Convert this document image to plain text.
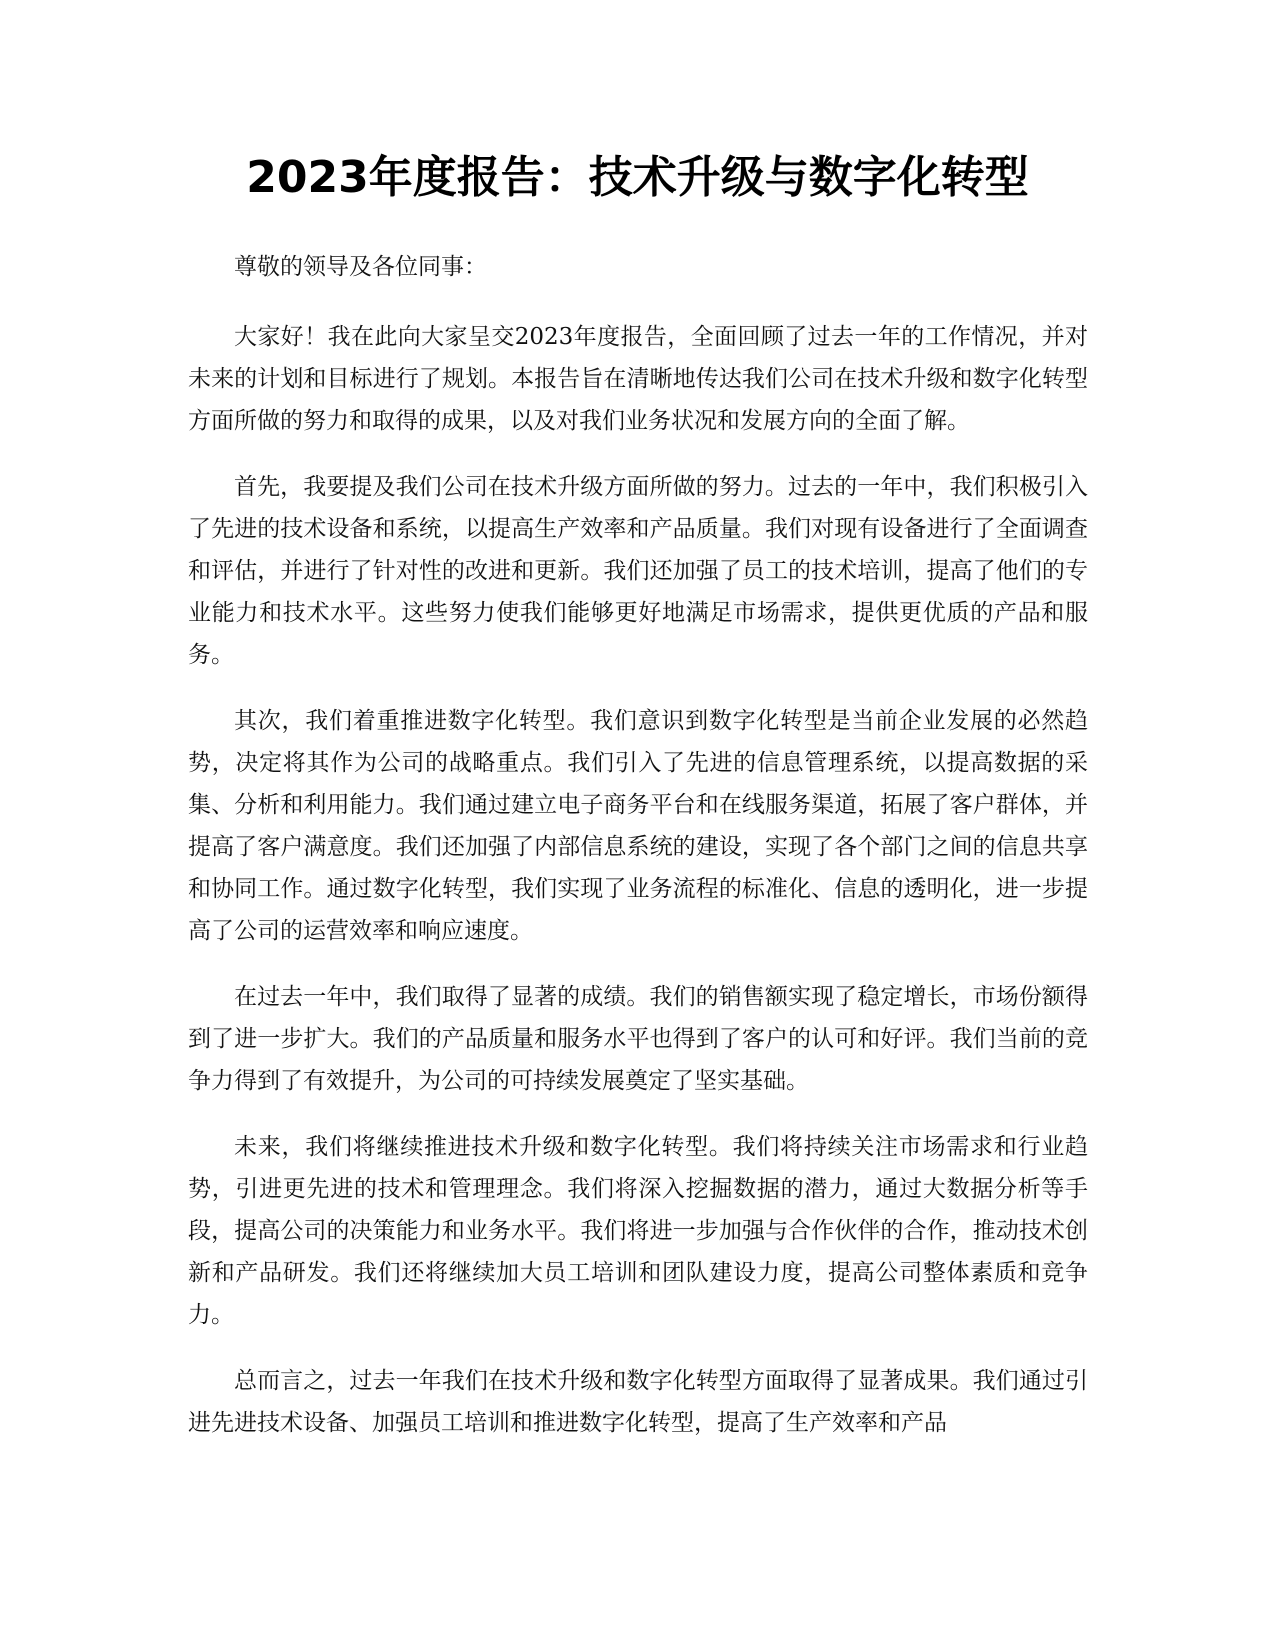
2023年度报告：技术升级与数字化转型

尊敬的领导及各位同事：

大家好！我在此向大家呈交2023年度报告，全面回顾了过去一年的工作情况，并对未来的计划和目标进行了规划。本报告旨在清晰地传达我们公司在技术升级和数字化转型方面所做的努力和取得的成果，以及对我们业务状况和发展方向的全面了解。

首先，我要提及我们公司在技术升级方面所做的努力。过去的一年中，我们积极引入了先进的技术设备和系统，以提高生产效率和产品质量。我们对现有设备进行了全面调查和评估，并进行了针对性的改进和更新。我们还加强了员工的技术培训，提高了他们的专业能力和技术水平。这些努力使我们能够更好地满足市场需求，提供更优质的产品和服务。

其次，我们着重推进数字化转型。我们意识到数字化转型是当前企业发展的必然趋势，决定将其作为公司的战略重点。我们引入了先进的信息管理系统，以提高数据的采集、分析和利用能力。我们通过建立电子商务平台和在线服务渠道，拓展了客户群体，并提高了客户满意度。我们还加强了内部信息系统的建设，实现了各个部门之间的信息共享和协同工作。通过数字化转型，我们实现了业务流程的标准化、信息的透明化，进一步提高了公司的运营效率和响应速度。

在过去一年中，我们取得了显著的成绩。我们的销售额实现了稳定增长，市场份额得到了进一步扩大。我们的产品质量和服务水平也得到了客户的认可和好评。我们当前的竞争力得到了有效提升，为公司的可持续发展奠定了坚实基础。

未来，我们将继续推进技术升级和数字化转型。我们将持续关注市场需求和行业趋势，引进更先进的技术和管理理念。我们将深入挖掘数据的潜力，通过大数据分析等手段，提高公司的决策能力和业务水平。我们将进一步加强与合作伙伴的合作，推动技术创新和产品研发。我们还将继续加大员工培训和团队建设力度，提高公司整体素质和竞争力。

总而言之，过去一年我们在技术升级和数字化转型方面取得了显著成果。我们通过引进先进技术设备、加强员工培训和推进数字化转型，提高了生产效率和产品
